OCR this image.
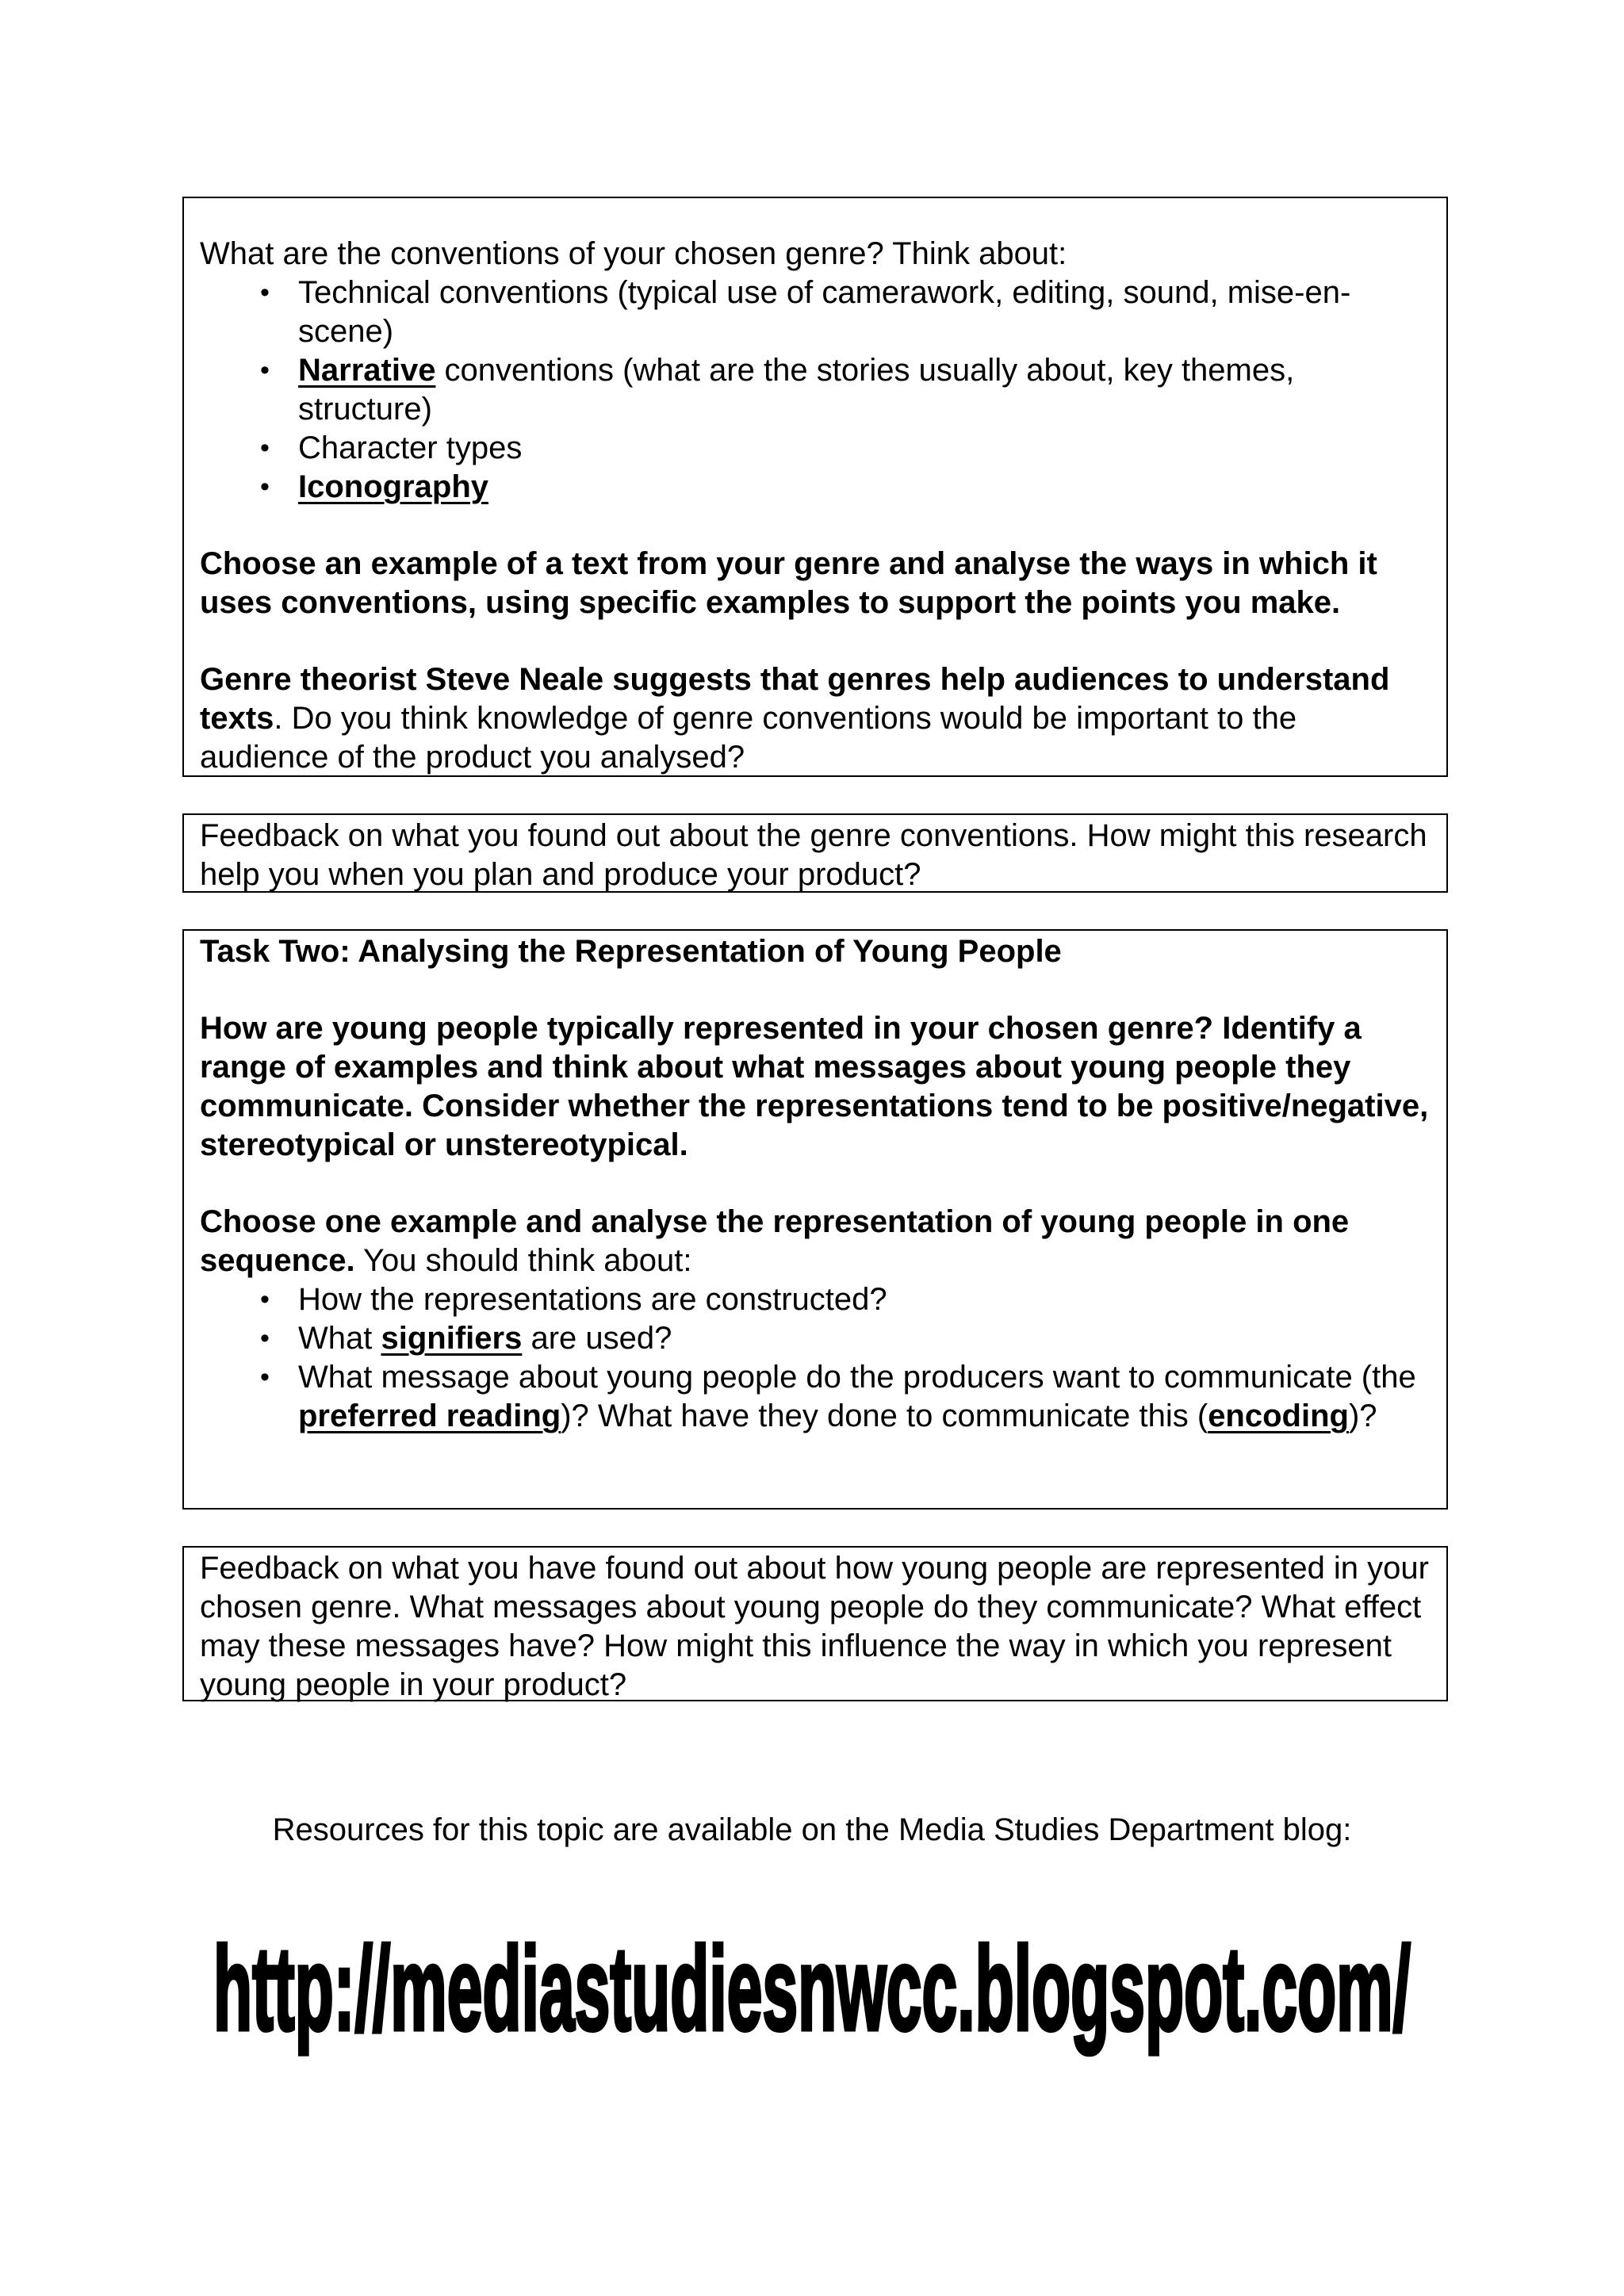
What are the conventions of your chosen genre? Think about:

• Technical conventions (typical use of camerawork, editing, sound, mise-en-scene)
• Narrative conventions (what are the stories usually about, key themes, structure)
• Character types
• Iconography

Choose an example of a text from your genre and analyse the ways in which it uses conventions, using specific examples to support the points you make.

Genre theorist Steve Neale suggests that genres help audiences to understand texts. Do you think knowledge of genre conventions would be important to the audience of the product you analysed?

Feedback on what you found out about the genre conventions. How might this research help you when you plan and produce your product?

Task Two: Analysing the Representation of Young People

How are young people typically represented in your chosen genre? Identify a range of examples and think about what messages about young people they communicate. Consider whether the representations tend to be positive/negative, stereotypical or unstereotypical.

Choose one example and analyse the representation of young people in one sequence. You should think about:

• How the representations are constructed?
• What signifiers are used?
• What message about young people do the producers want to communicate (the preferred reading)? What have they done to communicate this (encoding)?

Feedback on what you have found out about how young people are represented in your chosen genre. What messages about young people do they communicate? What effect may these messages have? How might this influence the way in which you represent young people in your product?

Resources for this topic are available on the Media Studies Department blog:
http://mediastudiesnwcc.blogspot.com/
